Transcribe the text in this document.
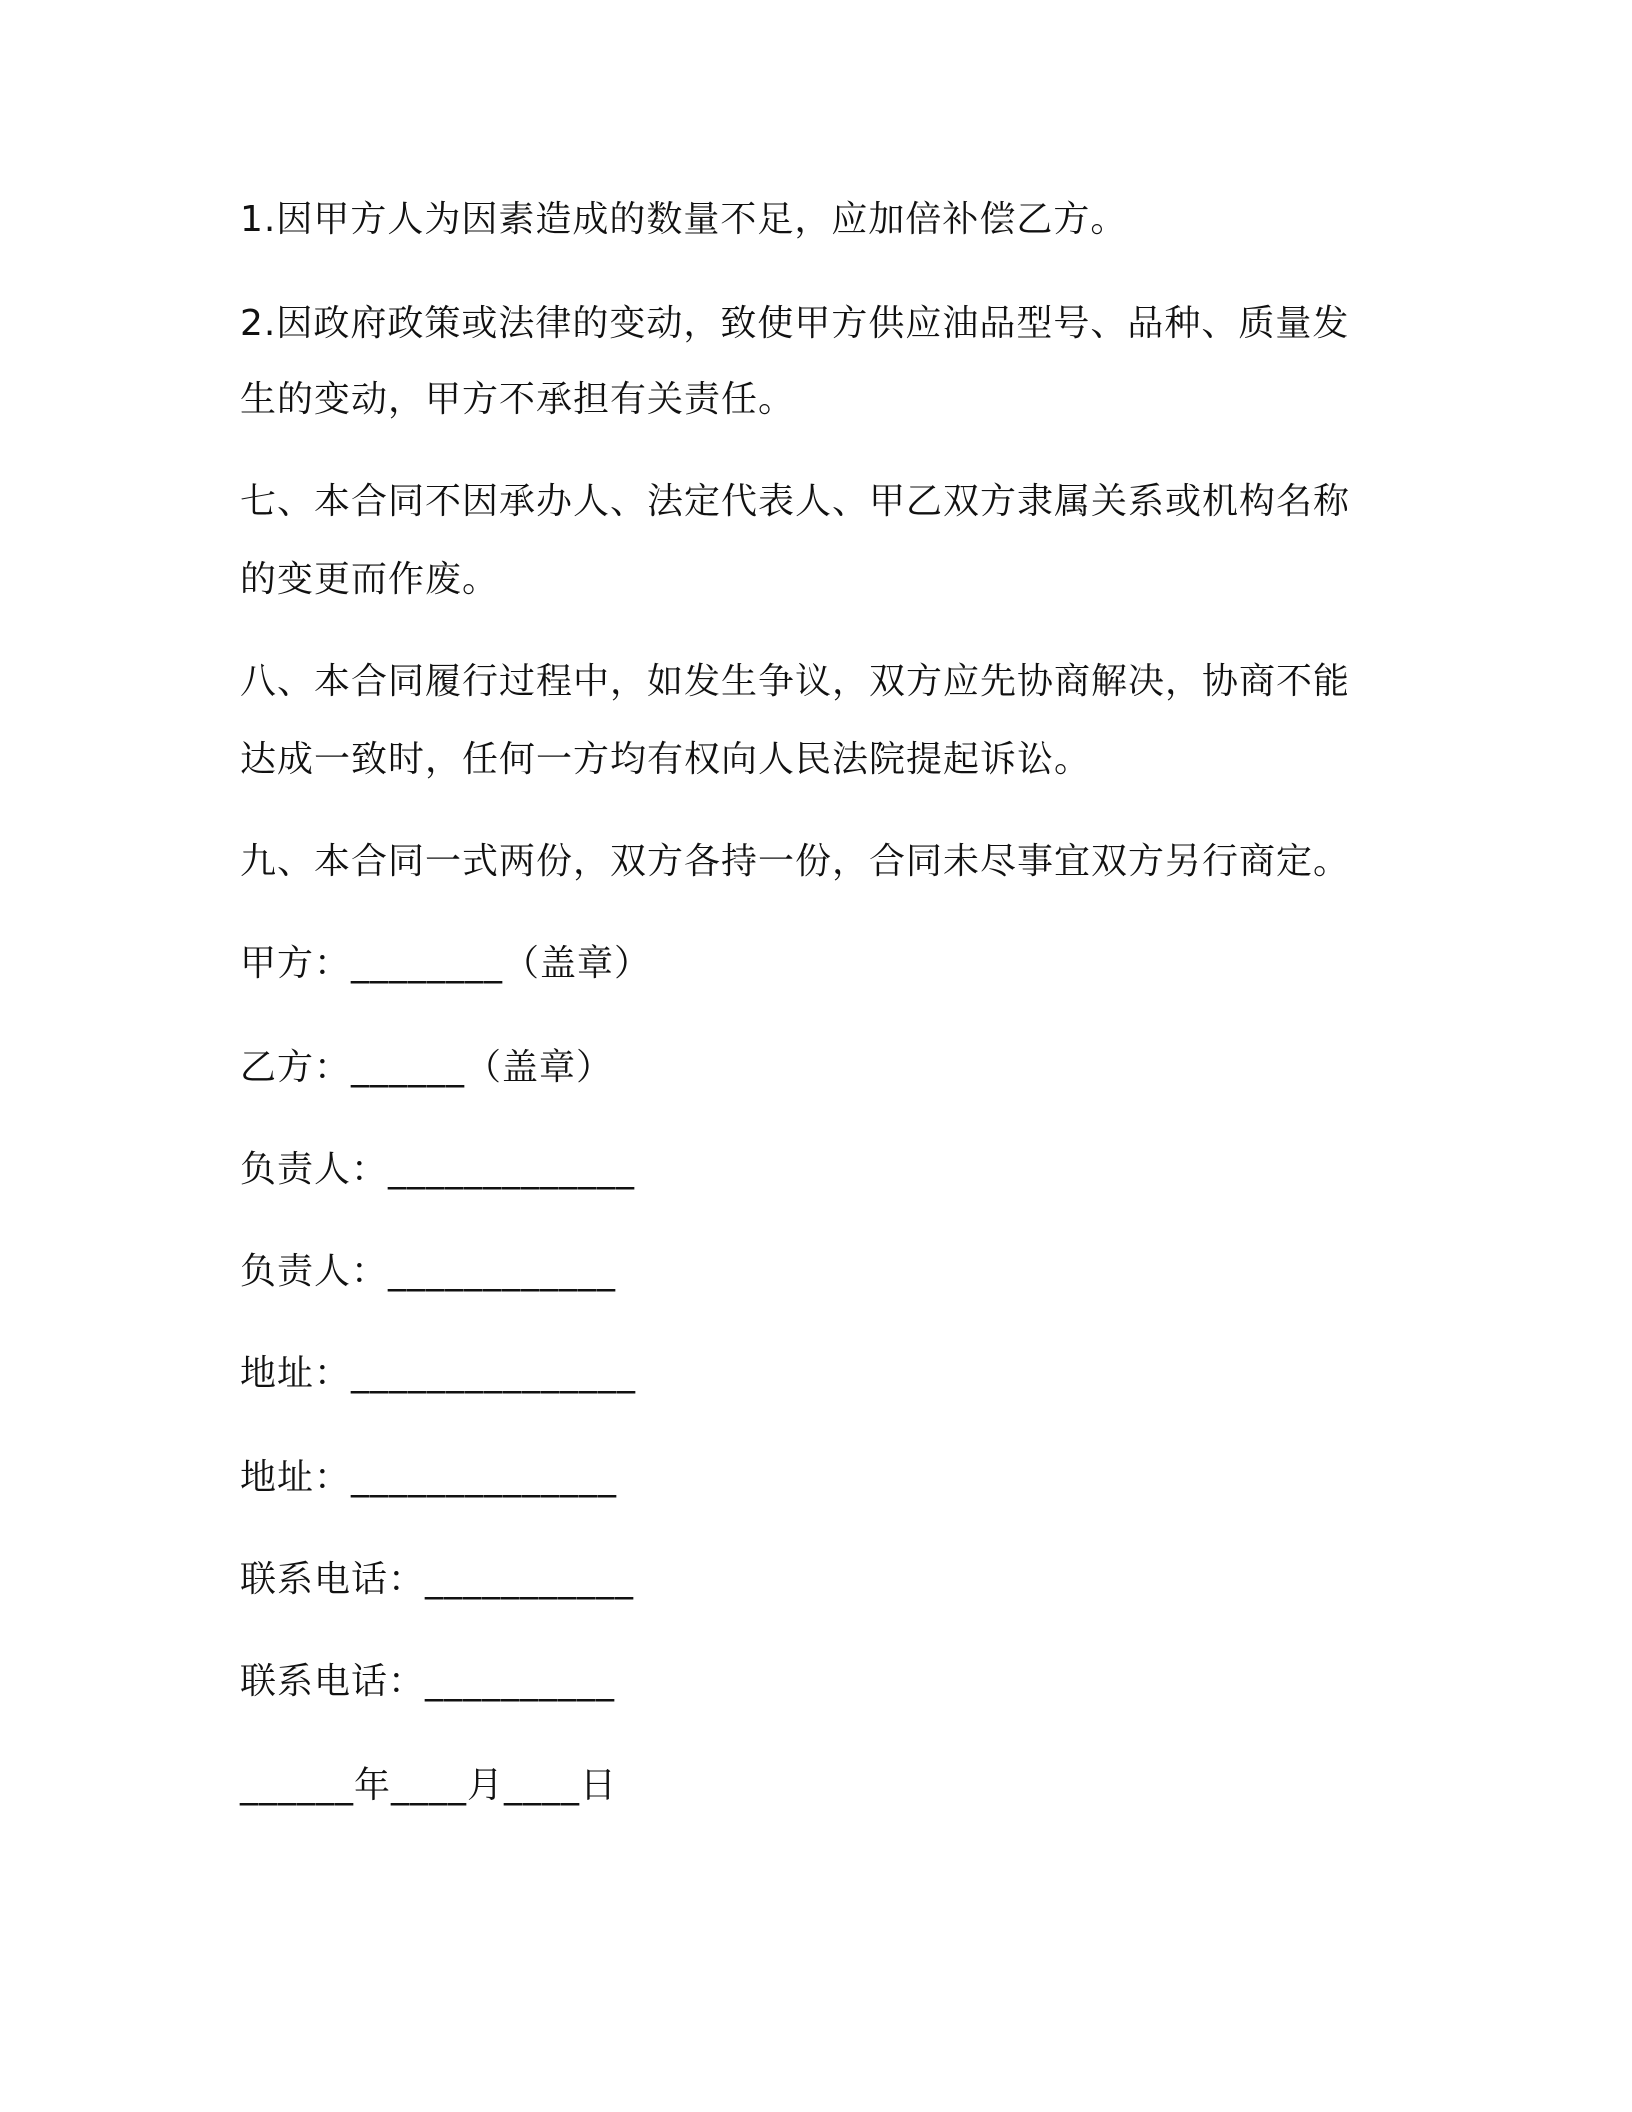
1.因甲方人为因素造成的数量不足，应加倍补偿乙方。
2.因政府政策或法律的变动，致使甲方供应油品型号、品种、质量发
生的变动，甲方不承担有关责任。
七、本合同不因承办人、法定代表人、甲乙双方隶属关系或机构名称
的变更而作废。
八、本合同履行过程中，如发生争议，双方应先协商解决，协商不能
达成一致时，任何一方均有权向人民法院提起诉讼。
九、本合同一式两份，双方各持一份，合同未尽事宜双方另行商定。
甲方：________（盖章）
乙方：______（盖章）
负责人：_____________
负责人：____________
地址：_______________
地址：______________
联系电话：___________
联系电话：__________
______年____月____日
